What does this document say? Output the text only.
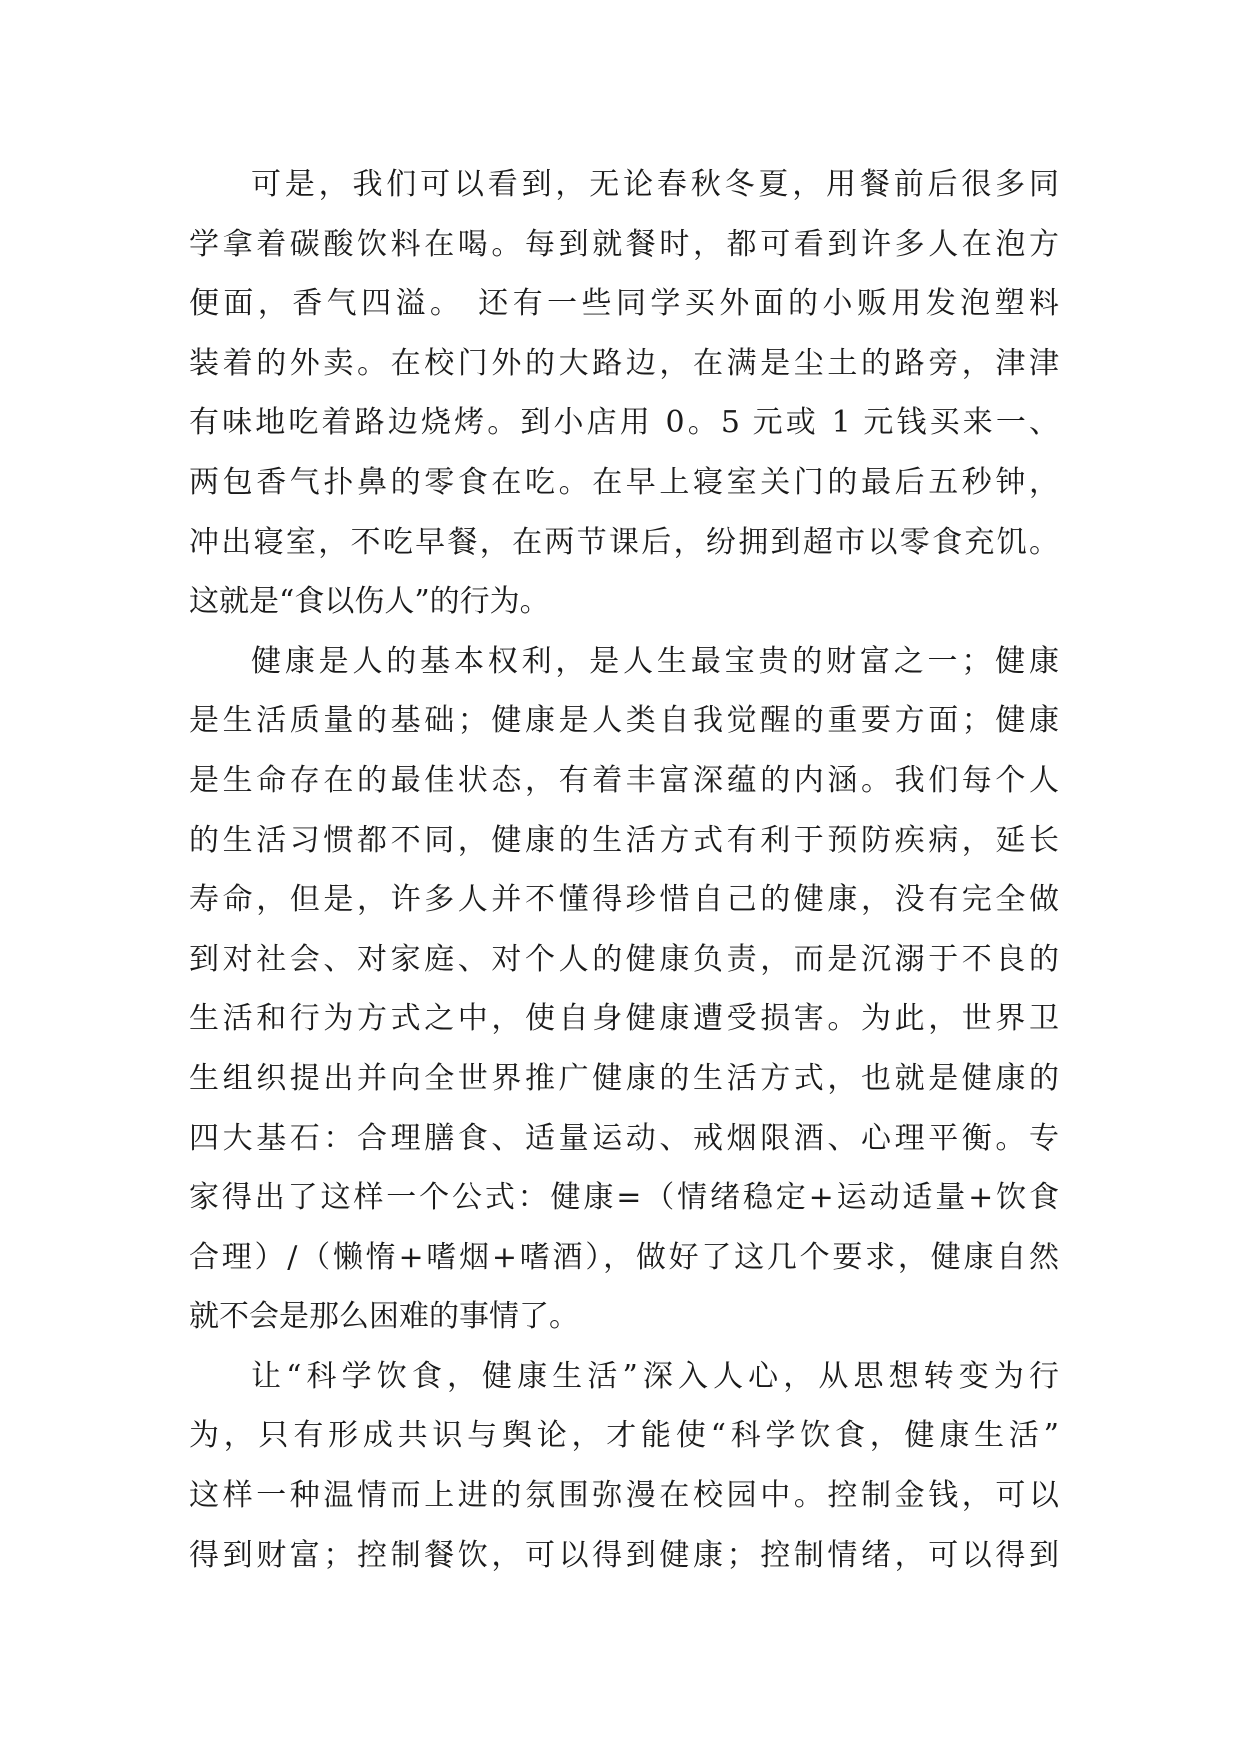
可是，我们可以看到，无论春秋冬夏，用餐前后很多同
学拿着碳酸饮料在喝。每到就餐时，都可看到许多人在泡方
便面，香气四溢。 还有一些同学买外面的小贩用发泡塑料
装着的外卖。在校门外的大路边，在满是尘土的路旁，津津
有味地吃着路边烧烤。到小店用 0。5 元或 1 元钱买来一、
两包香气扑鼻的零食在吃。在早上寝室关门的最后五秒钟，
冲出寝室，不吃早餐，在两节课后，纷拥到超市以零食充饥。
这就是“食以伤人”的行为。
健康是人的基本权利，是人生最宝贵的财富之一；健康
是生活质量的基础；健康是人类自我觉醒的重要方面；健康
是生命存在的最佳状态，有着丰富深蕴的内涵。我们每个人
的生活习惯都不同，健康的生活方式有利于预防疾病，延长
寿命，但是，许多人并不懂得珍惜自己的健康，没有完全做
到对社会、对家庭、对个人的健康负责，而是沉溺于不良的
生活和行为方式之中，使自身健康遭受损害。为此，世界卫
生组织提出并向全世界推广健康的生活方式，也就是健康的
四大基石：合理膳食、适量运动、戒烟限酒、心理平衡。专
家得出了这样一个公式：健康=（情绪稳定+运动适量+饮食
合理）/（懒惰+嗜烟+嗜酒），做好了这几个要求，健康自然
就不会是那么困难的事情了。
让“科学饮食，健康生活”深入人心，从思想转变为行
为，只有形成共识与舆论，才能使“科学饮食，健康生活”
这样一种温情而上进的氛围弥漫在校园中。控制金钱，可以
得到财富；控制餐饮，可以得到健康；控制情绪，可以得到
